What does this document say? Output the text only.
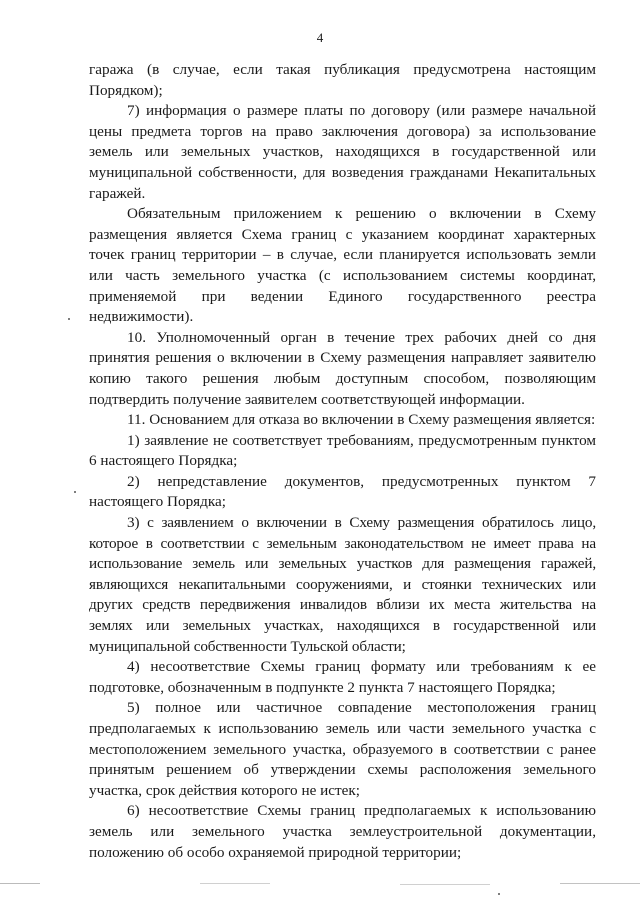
4

гаража (в случае, если такая публикация предусмотрена настоящим Порядком);

7) информация о размере платы по договору (или размере начальной цены предмета торгов на право заключения договора) за использование земель или земельных участков, находящихся в государственной или муниципальной собственности, для возведения гражданами Некапитальных гаражей.

Обязательным приложением к решению о включении в Схему размещения является Схема границ с указанием координат характерных точек границ территории – в случае, если планируется использовать земли или часть земельного участка (с использованием системы координат, применяемой при ведении Единого государственного реестра недвижимости).

10. Уполномоченный орган в течение трех рабочих дней со дня принятия решения о включении в Схему размещения направляет заявителю копию такого решения любым доступным способом, позволяющим подтвердить получение заявителем соответствующей информации.

11. Основанием для отказа во включении в Схему размещения является:

1) заявление не соответствует требованиям, предусмотренным пунктом 6 настоящего Порядка;

2) непредставление документов, предусмотренных пунктом 7 настоящего Порядка;

3) с заявлением о включении в Схему размещения обратилось лицо, которое в соответствии с земельным законодательством не имеет права на использование земель или земельных участков для размещения гаражей, являющихся некапитальными сооружениями, и стоянки технических или других средств передвижения инвалидов вблизи их места жительства на землях или земельных участках, находящихся в государственной или муниципальной собственности Тульской области;

4) несоответствие Схемы границ формату или требованиям к ее подготовке, обозначенным в подпункте 2 пункта 7 настоящего Порядка;

5) полное или частичное совпадение местоположения границ предполагаемых к использованию земель или части земельного участка с местоположением земельного участка, образуемого в соответствии с ранее принятым решением об утверждении схемы расположения земельного участка, срок действия которого не истек;

6) несоответствие Схемы границ предполагаемых к использованию земель или земельного участка землеустроительной документации, положению об особо охраняемой природной территории;
